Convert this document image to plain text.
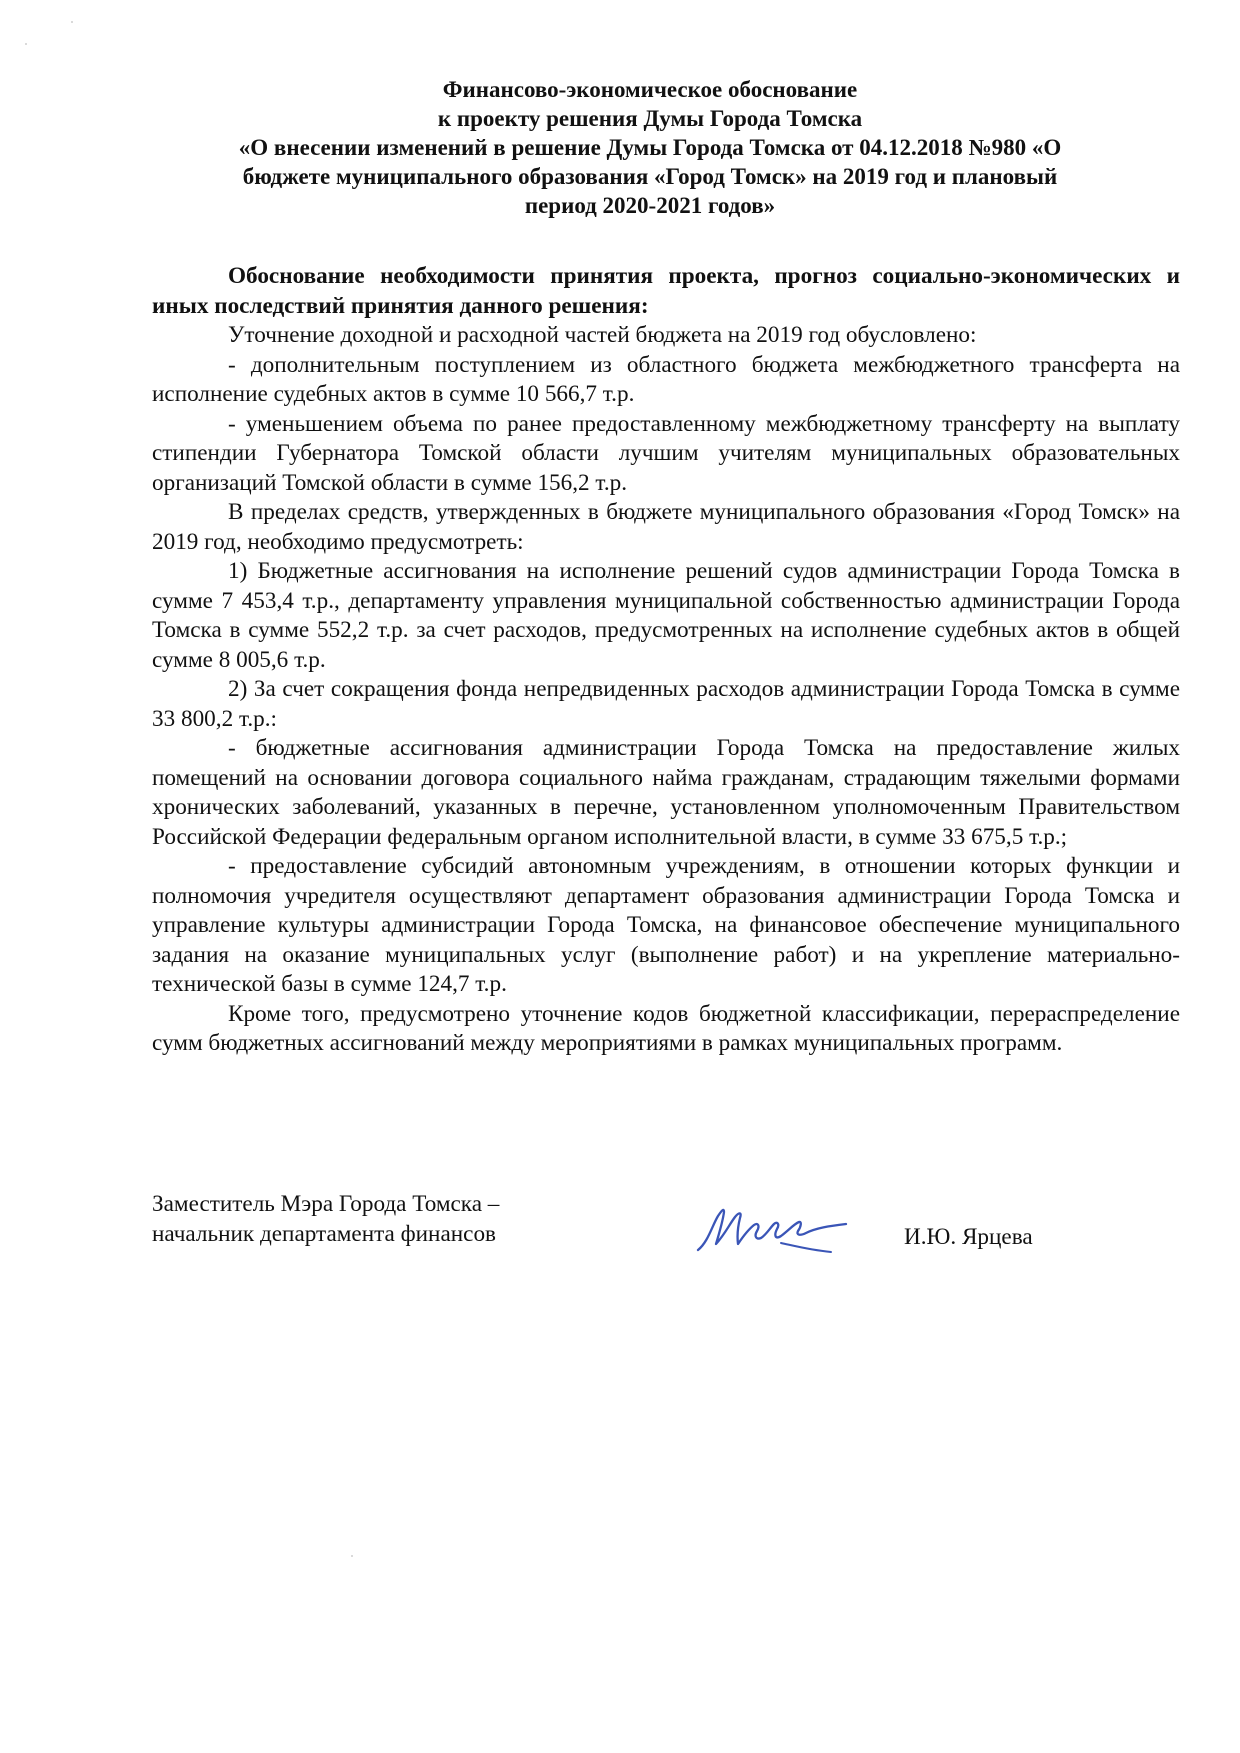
Финансово-экономическое обоснование
к проекту решения Думы Города Томска
«О внесении изменений в решение Думы Города Томска от 04.12.2018 №980 «О
бюджете муниципального образования «Город Томск» на 2019 год и плановый
период 2020-2021 годов»

Обоснование необходимости принятия проекта, прогноз социально-экономических и иных последствий принятия данного решения:

Уточнение доходной и расходной частей бюджета на 2019 год обусловлено:

- дополнительным поступлением из областного бюджета межбюджетного трансферта на исполнение судебных актов в сумме 10 566,7 т.р.

- уменьшением объема по ранее предоставленному межбюджетному трансферту на выплату стипендии Губернатора Томской области лучшим учителям муниципальных образовательных организаций Томской области в сумме 156,2 т.р.

В пределах средств, утвержденных в бюджете муниципального образования «Город Томск» на 2019 год, необходимо предусмотреть:

1) Бюджетные ассигнования на исполнение решений судов администрации Города Томска в сумме 7 453,4 т.р., департаменту управления муниципальной собственностью администрации Города Томска в сумме 552,2 т.р. за счет расходов, предусмотренных на исполнение судебных актов в общей сумме 8 005,6 т.р.

2) За счет сокращения фонда непредвиденных расходов администрации Города Томска в сумме 33 800,2 т.р.:

- бюджетные ассигнования администрации Города Томска на предоставление жилых помещений на основании договора социального найма гражданам, страдающим тяжелыми формами хронических заболеваний, указанных в перечне, установленном уполномоченным Правительством Российской Федерации федеральным органом исполнительной власти, в сумме 33 675,5 т.р.;

- предоставление субсидий автономным учреждениям, в отношении которых функции и полномочия учредителя осуществляют департамент образования администрации Города Томска и управление культуры администрации Города Томска, на финансовое обеспечение муниципального задания на оказание муниципальных услуг (выполнение работ) и на укрепление материально-технической базы в сумме 124,7 т.р.

Кроме того, предусмотрено уточнение кодов бюджетной классификации, перераспределение сумм бюджетных ассигнований между мероприятиями в рамках муниципальных программ.

Заместитель Мэра Города Томска –
начальник департамента финансов	И.Ю. Ярцева
